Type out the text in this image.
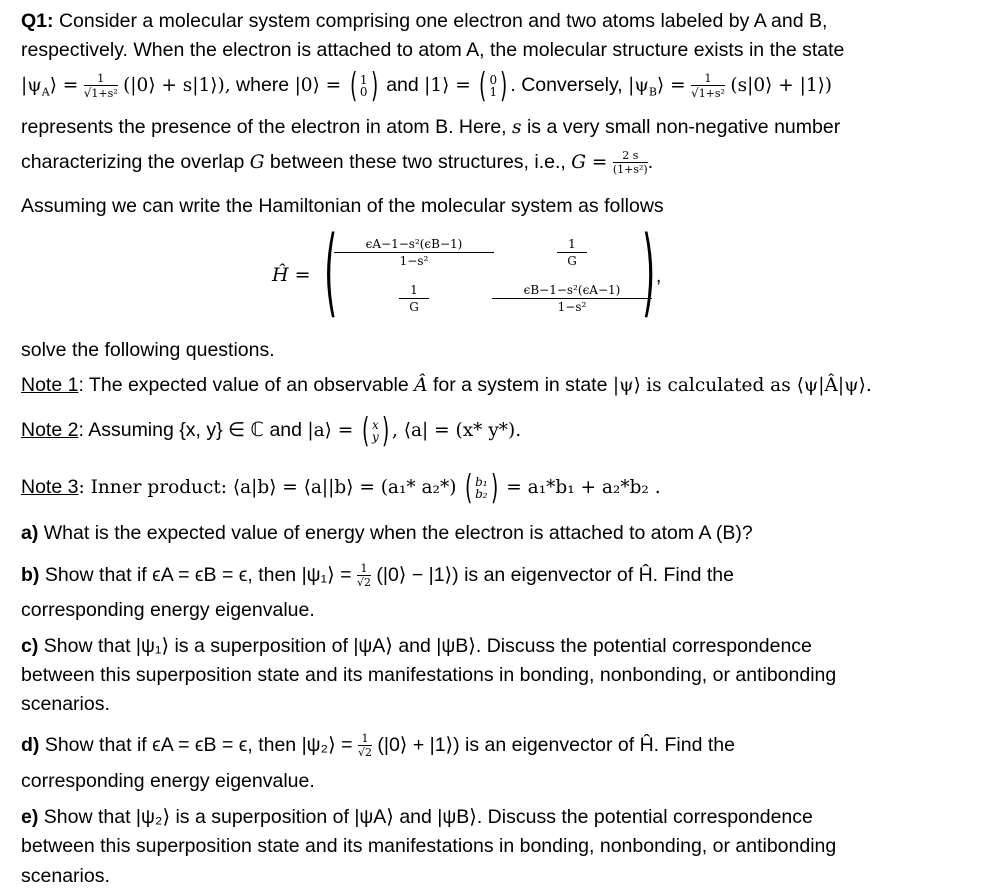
Q1: Consider a molecular system comprising one electron and two atoms labeled by A and B,
respectively. When the electron is attached to atom A, the molecular structure exists in the state
$|\psi_A⟩ = \frac{1}{\text{√1+s²}}$ (|0⟩ + s|1⟩), where |0⟩ = ( 1
0) and |1⟩ = ( 0
1) . Conversely, $|\psi_B⟩ = \frac{1}{\text{√1+s²}}$ (s|0⟩ + |1⟩)
represents the presence of the electron in atom B. Here, s is a very small non-negative number
characterizing the overlap G between these two structures, i.e., $G = \frac{2 s}{\text{(1+s²)}}$ .
Assuming we can write the Hamiltonian of the molecular system as follows
Ĥ = (	ϵA−1−s²(ϵB−1)
1−s²
1
G
1
G
ϵB−1−s²(ϵA−1)
1−s² ) ,
solve the following questions.
Note 1: The expected value of an observable Â for a system in state |ψ⟩ is calculated as ⟨ψ|Â|ψ⟩.
Note 2: Assuming {x, y} ∈ ℂ and |a⟩ = ( x
y) , ⟨a| = (x* y*).
Note 3: Inner product: ⟨a|b⟩ = ⟨a||b⟩ = (a₁* a₂*) ( b₁
b₂) = a₁*b₁ + a₂*b₂ .
a) What is the expected value of energy when the electron is attached to atom A (B)?
b) Show that if ϵA = ϵB = ϵ, then |ψ₁⟩ = $\frac{1}{√2}$ (|0⟩ − |1⟩) is an eigenvector of Ĥ. Find the
corresponding energy eigenvalue.
c) Show that |ψ₁⟩ is a superposition of |ψA⟩ and |ψB⟩. Discuss the potential correspondence
between this superposition state and its manifestations in bonding, nonbonding, or antibonding
scenarios.
d) Show that if ϵA = ϵB = ϵ, then |ψ₂⟩ = $\frac{1}{√2}$ (|0⟩ + |1⟩) is an eigenvector of Ĥ. Find the
corresponding energy eigenvalue.
e) Show that |ψ₂⟩ is a superposition of |ψA⟩ and |ψB⟩. Discuss the potential correspondence
between this superposition state and its manifestations in bonding, nonbonding, or antibonding
scenarios.
